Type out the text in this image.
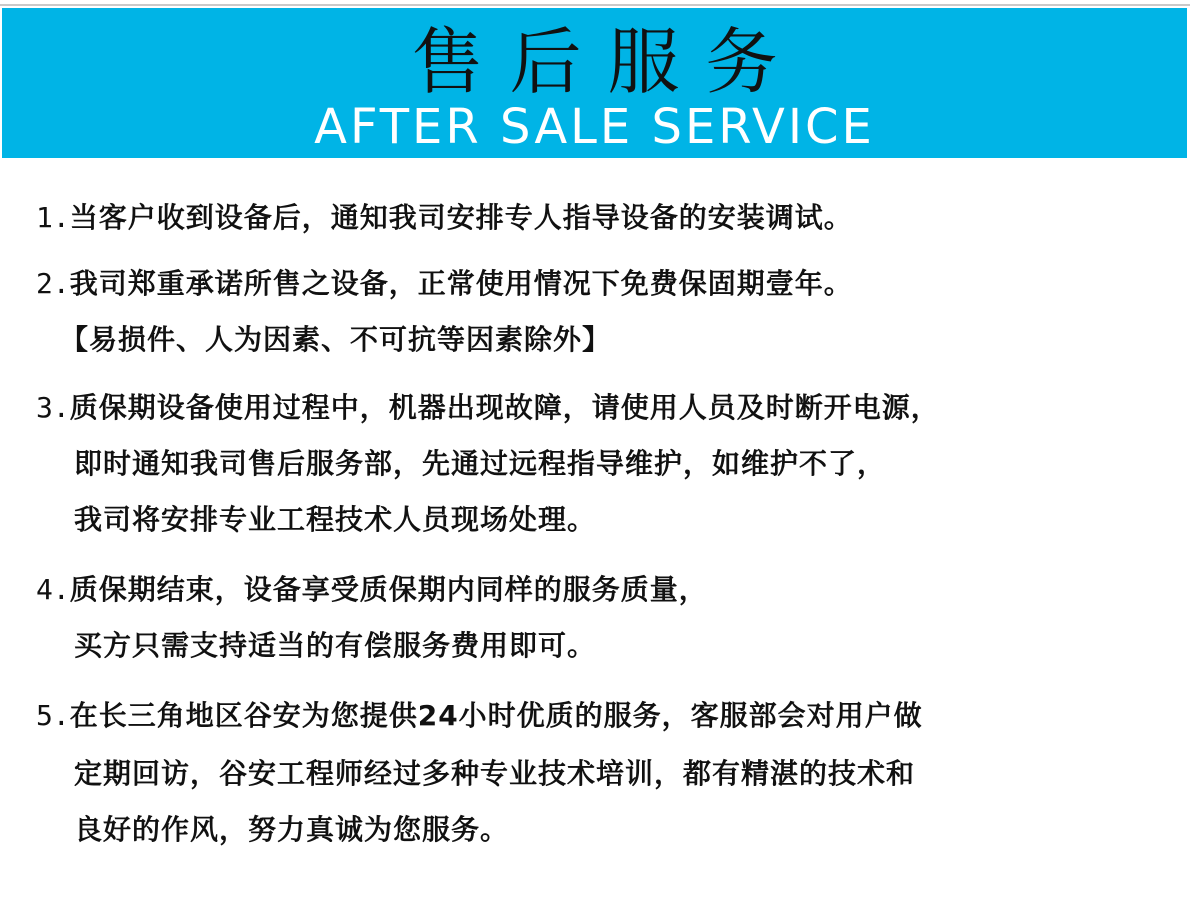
售后服务
AFTER SALE SERVICE
1.当客户收到设备后，通知我司安排专人指导设备的安装调试。
2.我司郑重承诺所售之设备，正常使用情况下免费保固期壹年。
【易损件、人为因素、不可抗等因素除外】
3.质保期设备使用过程中，机器出现故障，请使用人员及时断开电源，
即时通知我司售后服务部，先通过远程指导维护，如维护不了，
我司将安排专业工程技术人员现场处理。
4.质保期结束，设备享受质保期内同样的服务质量，
买方只需支持适当的有偿服务费用即可。
5.在长三角地区谷安为您提供24小时优质的服务，客服部会对用户做
定期回访，谷安工程师经过多种专业技术培训，都有精湛的技术和
良好的作风，努力真诚为您服务。
